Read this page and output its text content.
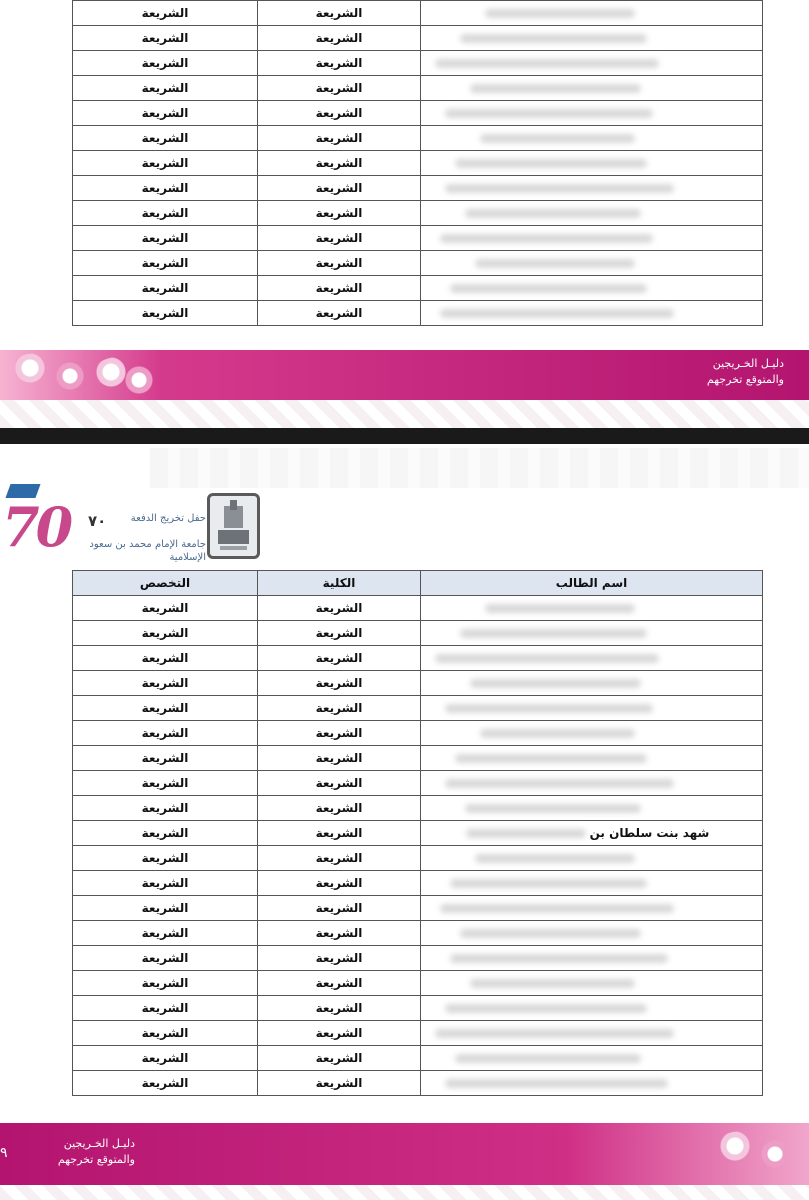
الشريعة	الشريعة	
الشريعة	الشريعة	
الشريعة	الشريعة	
الشريعة	الشريعة	
الشريعة	الشريعة	
الشريعة	الشريعة	
الشريعة	الشريعة	
الشريعة	الشريعة	
الشريعة	الشريعة	
الشريعة	الشريعة	
الشريعة	الشريعة	
الشريعة	الشريعة	
الشريعة	الشريعة	
دليـل الخـريجين
والمتوقع تخرجهم
70 ٧٠	حفل تخريج الدفعة
جامعة الإمام محمد بن سعود الإسلامية
التخصص	الكلية	اسم الطالب
الشريعة	الشريعة	
الشريعة	الشريعة	
الشريعة	الشريعة	
الشريعة	الشريعة	
الشريعة	الشريعة	
الشريعة	الشريعة	
الشريعة	الشريعة	
الشريعة	الشريعة	
الشريعة	الشريعة	
الشريعة	الشريعة	شهد بنت سلطان بن
الشريعة	الشريعة	
الشريعة	الشريعة	
الشريعة	الشريعة	
الشريعة	الشريعة	
الشريعة	الشريعة	
الشريعة	الشريعة	
الشريعة	الشريعة	
الشريعة	الشريعة	
الشريعة	الشريعة	
الشريعة	الشريعة	
دليـل الخـريجين
والمتوقع تخرجهم
٩
